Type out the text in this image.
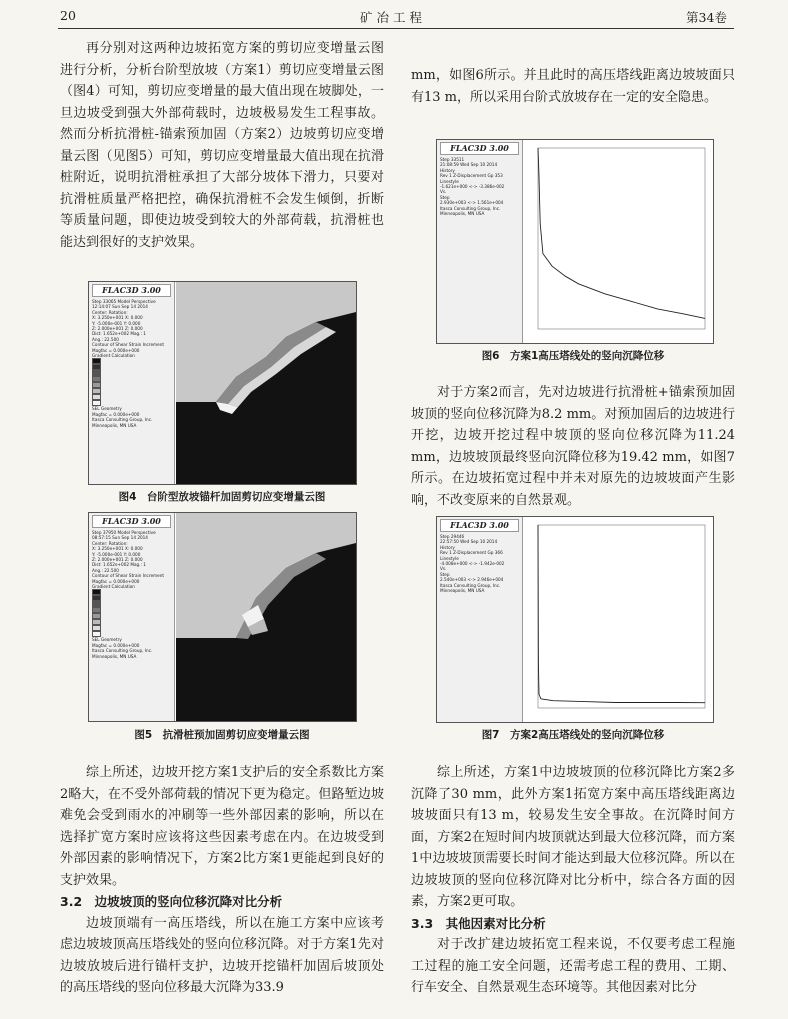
20	矿 冶 工 程	第34卷

再分别对这两种边坡拓宽方案的剪切应变增量云图进行分析，分析台阶型放坡（方案1）剪切应变增量云图（图4）可知，剪切应变增量的最大值出现在坡脚处，一旦边坡受到强大外部荷载时，边坡极易发生工程事故。然而分析抗滑桩-锚索预加固（方案2）边坡剪切应变增量云图（见图5）可知，剪切应变增量最大值出现在抗滑桩附近，说明抗滑桩承担了大部分坡体下滑力，只要对抗滑桩质量严格把控，确保抗滑桩不会发生倾倒，折断等质量问题，即使边坡受到较大的外部荷载，抗滑桩也能达到很好的支护效果。

FLAC3D 3.00
Step 33065 Model Perspective
12:14:07 Sun Sep 14 2014
Center: Rotation:
X: 3.250e+001 X: 0.000
Y: -5.000e-001 Y: 0.000
Z: 2.000e+001 Z: 0.000
Dist: 1.652e+002 Mag.: 1
Ang.: 22.500
Contour of Shear Strain Increment
Magfac = 0.000e+000
Gradient Calculation
SEL Geometry
Magfac = 0.000e+000
Itasca Consulting Group, Inc.
Minneapolis, MN USA
图4　台阶型放坡锚杆加固剪切应变增量云图
FLAC3D 3.00
Step 37950 Model Perspective
08:57:15 Sun Sep 14 2014
Center: Rotation:
X: 3.250e+001 X: 0.000
Y: -5.000e-001 Y: 0.000
Z: 2.000e+001 Z: 0.000
Dist: 1.652e+002 Mag.: 1
Ang.: 22.500
Contour of Shear Strain Increment
Magfac = 0.000e+000
Gradient Calculation
SEL Geometry
Magfac = 0.000e+000
Itasca Consulting Group, Inc.
Minneapolis, MN USA
图5　抗滑桩预加固剪切应变增量云图

综上所述，边坡开挖方案1支护后的安全系数比方案2略大，在不受外部荷载的情况下更为稳定。但路堑边坡难免会受到雨水的冲刷等一些外部因素的影响，所以在选择扩宽方案时应该将这些因素考虑在内。在边坡受到外部因素的影响情况下，方案2比方案1更能起到良好的支护效果。

3.2　边坡坡顶的竖向位移沉降对比分析

边坡顶端有一高压塔线，所以在施工方案中应该考虑边坡坡顶高压塔线处的竖向位移沉降。对于方案1先对边坡放坡后进行锚杆支护，边坡开挖锚杆加固后坡顶处的高压塔线的竖向位移最大沉降为33.9

mm，如图6所示。并且此时的高压塔线距离边坡坡面只有13 m，所以采用台阶式放坡存在一定的安全隐患。

FLAC3D 3.00
Step 33511
21:08:59 Wed Sep 10 2014
History
Rev 1 Z-Displacement Gp 353
Linestyle
-1.621e+000 <-> -3.386e-002
Vs.
Step
2.930e+003 <-> 1.561e+004
Itasca Consulting Group, Inc.
Minneapolis, MN USA
图6　方案1高压塔线处的竖向沉降位移

对于方案2而言，先对边坡进行抗滑桩+锚索预加固坡顶的竖向位移沉降为8.2 mm。对预加固后的边坡进行开挖，边坡开挖过程中坡顶的竖向位移沉降为11.24 mm，边坡坡顶最终竖向沉降位移为19.42 mm，如图7所示。在边坡拓宽过程中并未对原先的边坡坡面产生影响，不改变原来的自然景观。

FLAC3D 3.00
Step 29446
22:57:50 Wed Sep 10 2014
History
Rev 1 Z-Displacement Gp 366
Linestyle
-4.008e+000 <-> -1.942e-002
Vs.
Step
2.540e+003 <-> 2.946e+004
Itasca Consulting Group, Inc.
Minneapolis, MN USA
图7　方案2高压塔线处的竖向沉降位移

综上所述，方案1中边坡坡顶的位移沉降比方案2多沉降了30 mm，此外方案1拓宽方案中高压塔线距离边坡坡面只有13 m，较易发生安全事故。在沉降时间方面，方案2在短时间内坡顶就达到最大位移沉降，而方案1中边坡坡顶需要长时间才能达到最大位移沉降。所以在边坡坡顶的竖向位移沉降对比分析中，综合各方面的因素，方案2更可取。

3.3　其他因素对比分析

对于改扩建边坡拓宽工程来说，不仅要考虑工程施工过程的施工安全问题，还需考虑工程的费用、工期、行车安全、自然景观生态环境等。其他因素对比分
